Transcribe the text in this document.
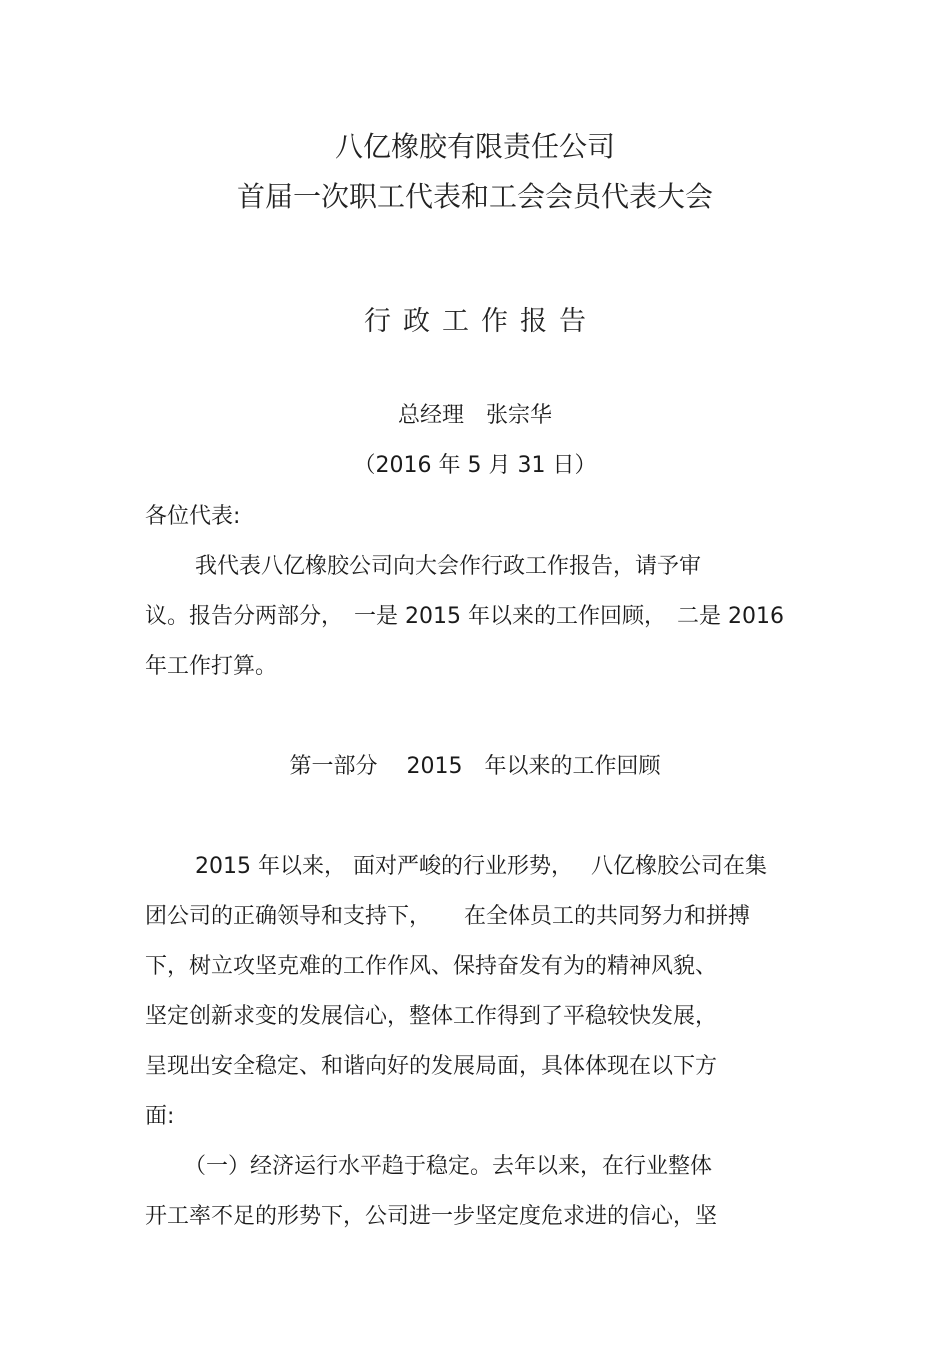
八亿橡胶有限责任公司
首届一次职工代表和工会会员代表大会
行政工作报告
总经理　张宗华
（2016 年 5 月 31 日）
各位代表:
我代表八亿橡胶公司向大会作行政工作报告，请予审
议。报告分两部分，　一是 2015 年以来的工作回顾，　二是 2016
年工作打算。
第一部分　 2015　年以来的工作回顾
2015 年以来， 面对严峻的行业形势，　 八亿橡胶公司在集
团公司的正确领导和支持下，　　在全体员工的共同努力和拼搏
下，树立攻坚克难的工作作风、保持奋发有为的精神风貌、
坚定创新求变的发展信心，整体工作得到了平稳较快发展，
呈现出安全稳定、和谐向好的发展局面，具体体现在以下方
面:
（一）经济运行水平趋于稳定。去年以来，在行业整体
开工率不足的形势下，公司进一步坚定度危求进的信心，坚
